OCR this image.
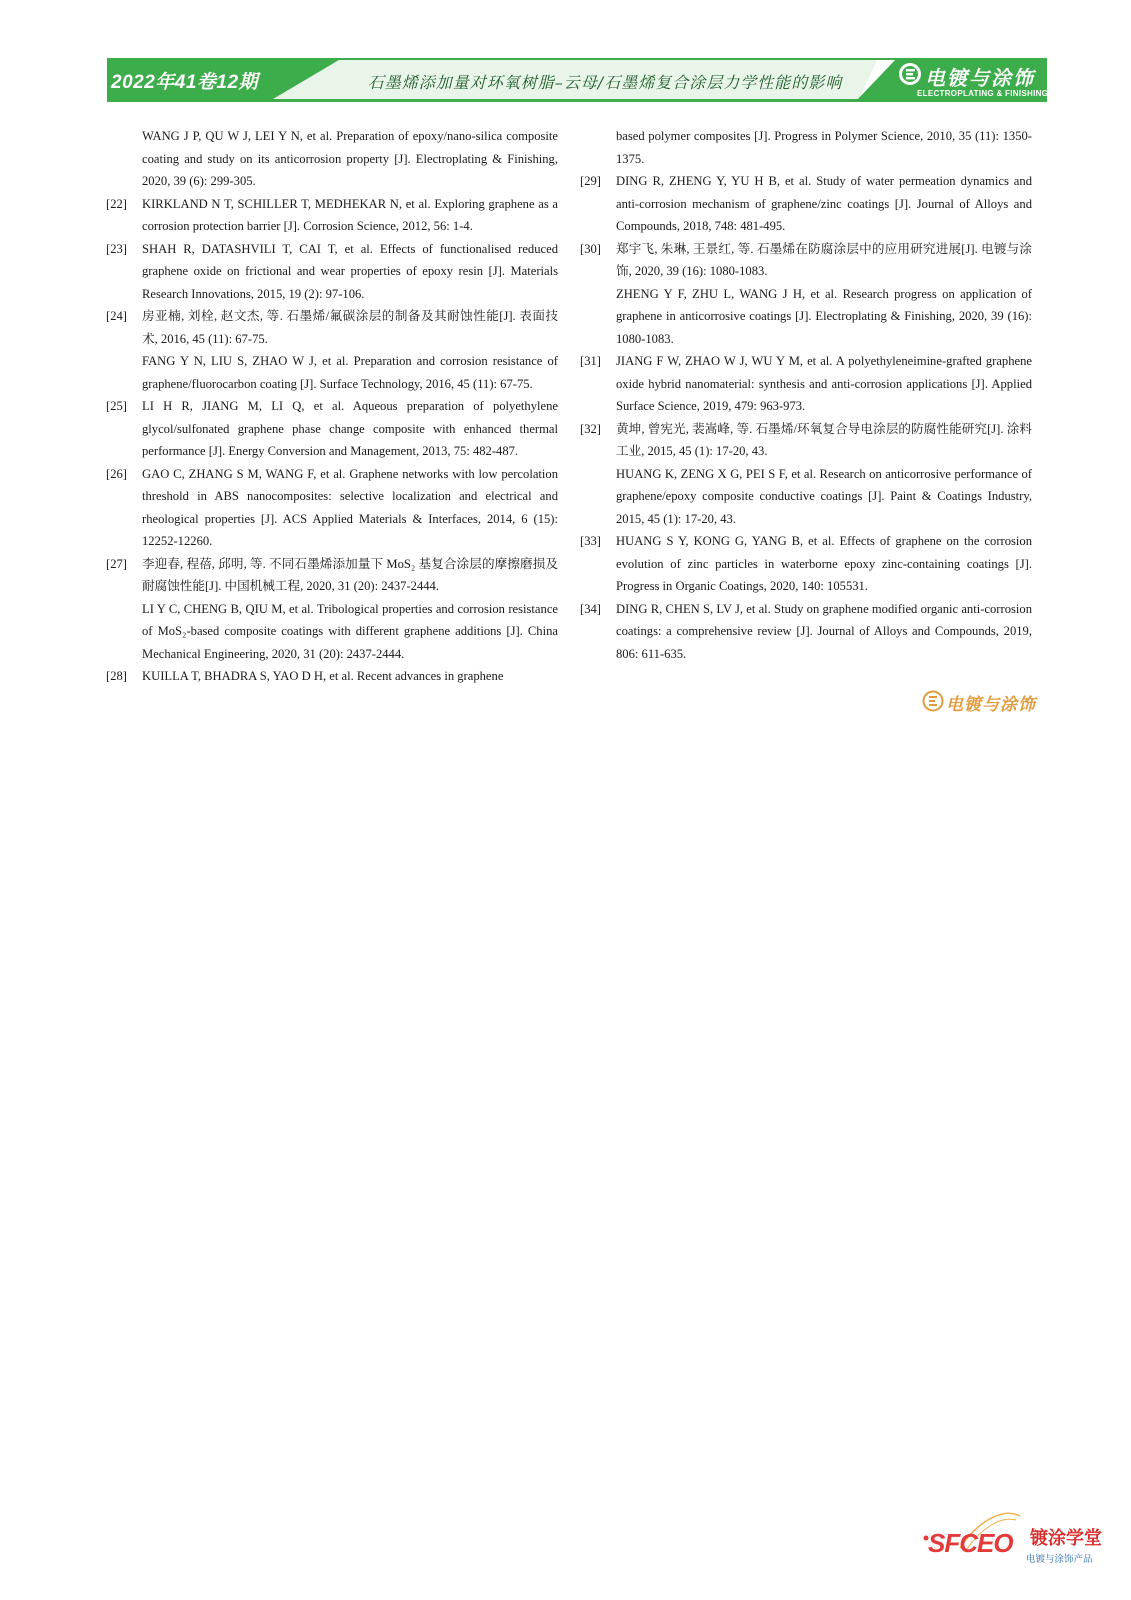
2022年41卷12期	石墨烯添加量对环氧树脂–云母/石墨烯复合涂层力学性能的影响	电镀与涂饰
ELECTROPLATING & FINISHING
WANG J P, QU W J, LEI Y N, et al. Preparation of epoxy/nano-silica composite coating and study on its anticorrosion property [J]. Electroplating & Finishing, 2020, 39 (6): 299-305.
[22]	KIRKLAND N T, SCHILLER T, MEDHEKAR N, et al. Exploring graphene as a corrosion protection barrier [J]. Corrosion Science, 2012, 56: 1-4.
[23]	SHAH R, DATASHVILI T, CAI T, et al. Effects of functionalised reduced graphene oxide on frictional and wear properties of epoxy resin [J]. Materials Research Innovations, 2015, 19 (2): 97-106.
[24]	房亚楠, 刘栓, 赵文杰, 等. 石墨烯/氟碳涂层的制备及其耐蚀性能[J]. 表面技术, 2016, 45 (11): 67-75.
FANG Y N, LIU S, ZHAO W J, et al. Preparation and corrosion resistance of graphene/fluorocarbon coating [J]. Surface Technology, 2016, 45 (11): 67-75.
[25]	LI H R, JIANG M, LI Q, et al. Aqueous preparation of polyethylene glycol/sulfonated graphene phase change composite with enhanced thermal performance [J]. Energy Conversion and Management, 2013, 75: 482-487.
[26]	GAO C, ZHANG S M, WANG F, et al. Graphene networks with low percolation threshold in ABS nanocomposites: selective localization and electrical and rheological properties [J]. ACS Applied Materials & Interfaces, 2014, 6 (15): 12252-12260.
[27]	李迎春, 程蓓, 邱明, 等. 不同石墨烯添加量下 MoS₂ 基复合涂层的摩擦磨损及耐腐蚀性能[J]. 中国机械工程, 2020, 31 (20): 2437-2444.
LI Y C, CHENG B, QIU M, et al. Tribological properties and corrosion resistance of MoS₂-based composite coatings with different graphene additions [J]. China Mechanical Engineering, 2020, 31 (20): 2437-2444.
[28]	KUILLA T, BHADRA S, YAO D H, et al. Recent advances in graphene
based polymer composites [J]. Progress in Polymer Science, 2010, 35 (11): 1350-1375.
[29]	DING R, ZHENG Y, YU H B, et al. Study of water permeation dynamics and anti-corrosion mechanism of graphene/zinc coatings [J]. Journal of Alloys and Compounds, 2018, 748: 481-495.
[30]	郑宇飞, 朱琳, 王景红, 等. 石墨烯在防腐涂层中的应用研究进展[J]. 电镀与涂饰, 2020, 39 (16): 1080-1083.
ZHENG Y F, ZHU L, WANG J H, et al. Research progress on application of graphene in anticorrosive coatings [J]. Electroplating & Finishing, 2020, 39 (16): 1080-1083.
[31]	JIANG F W, ZHAO W J, WU Y M, et al. A polyethyleneimine-grafted graphene oxide hybrid nanomaterial: synthesis and anti-corrosion applications [J]. Applied Surface Science, 2019, 479: 963-973.
[32]	黄坤, 曾宪光, 裴嵩峰, 等. 石墨烯/环氧复合导电涂层的防腐性能研究[J]. 涂料工业, 2015, 45 (1): 17-20, 43.
HUANG K, ZENG X G, PEI S F, et al. Research on anticorrosive performance of graphene/epoxy composite conductive coatings [J]. Paint & Coatings Industry, 2015, 45 (1): 17-20, 43.
[33]	HUANG S Y, KONG G, YANG B, et al. Effects of graphene on the corrosion evolution of zinc particles in waterborne epoxy zinc-containing coatings [J]. Progress in Organic Coatings, 2020, 140: 105531.
[34]	DING R, CHEN S, LV J, et al. Study on graphene modified organic anti-corrosion coatings: a comprehensive review [J]. Journal of Alloys and Compounds, 2019, 806: 611-635.
电镀与涂饰
SFCEO 镀涂学堂
电镀与涂饰产品
